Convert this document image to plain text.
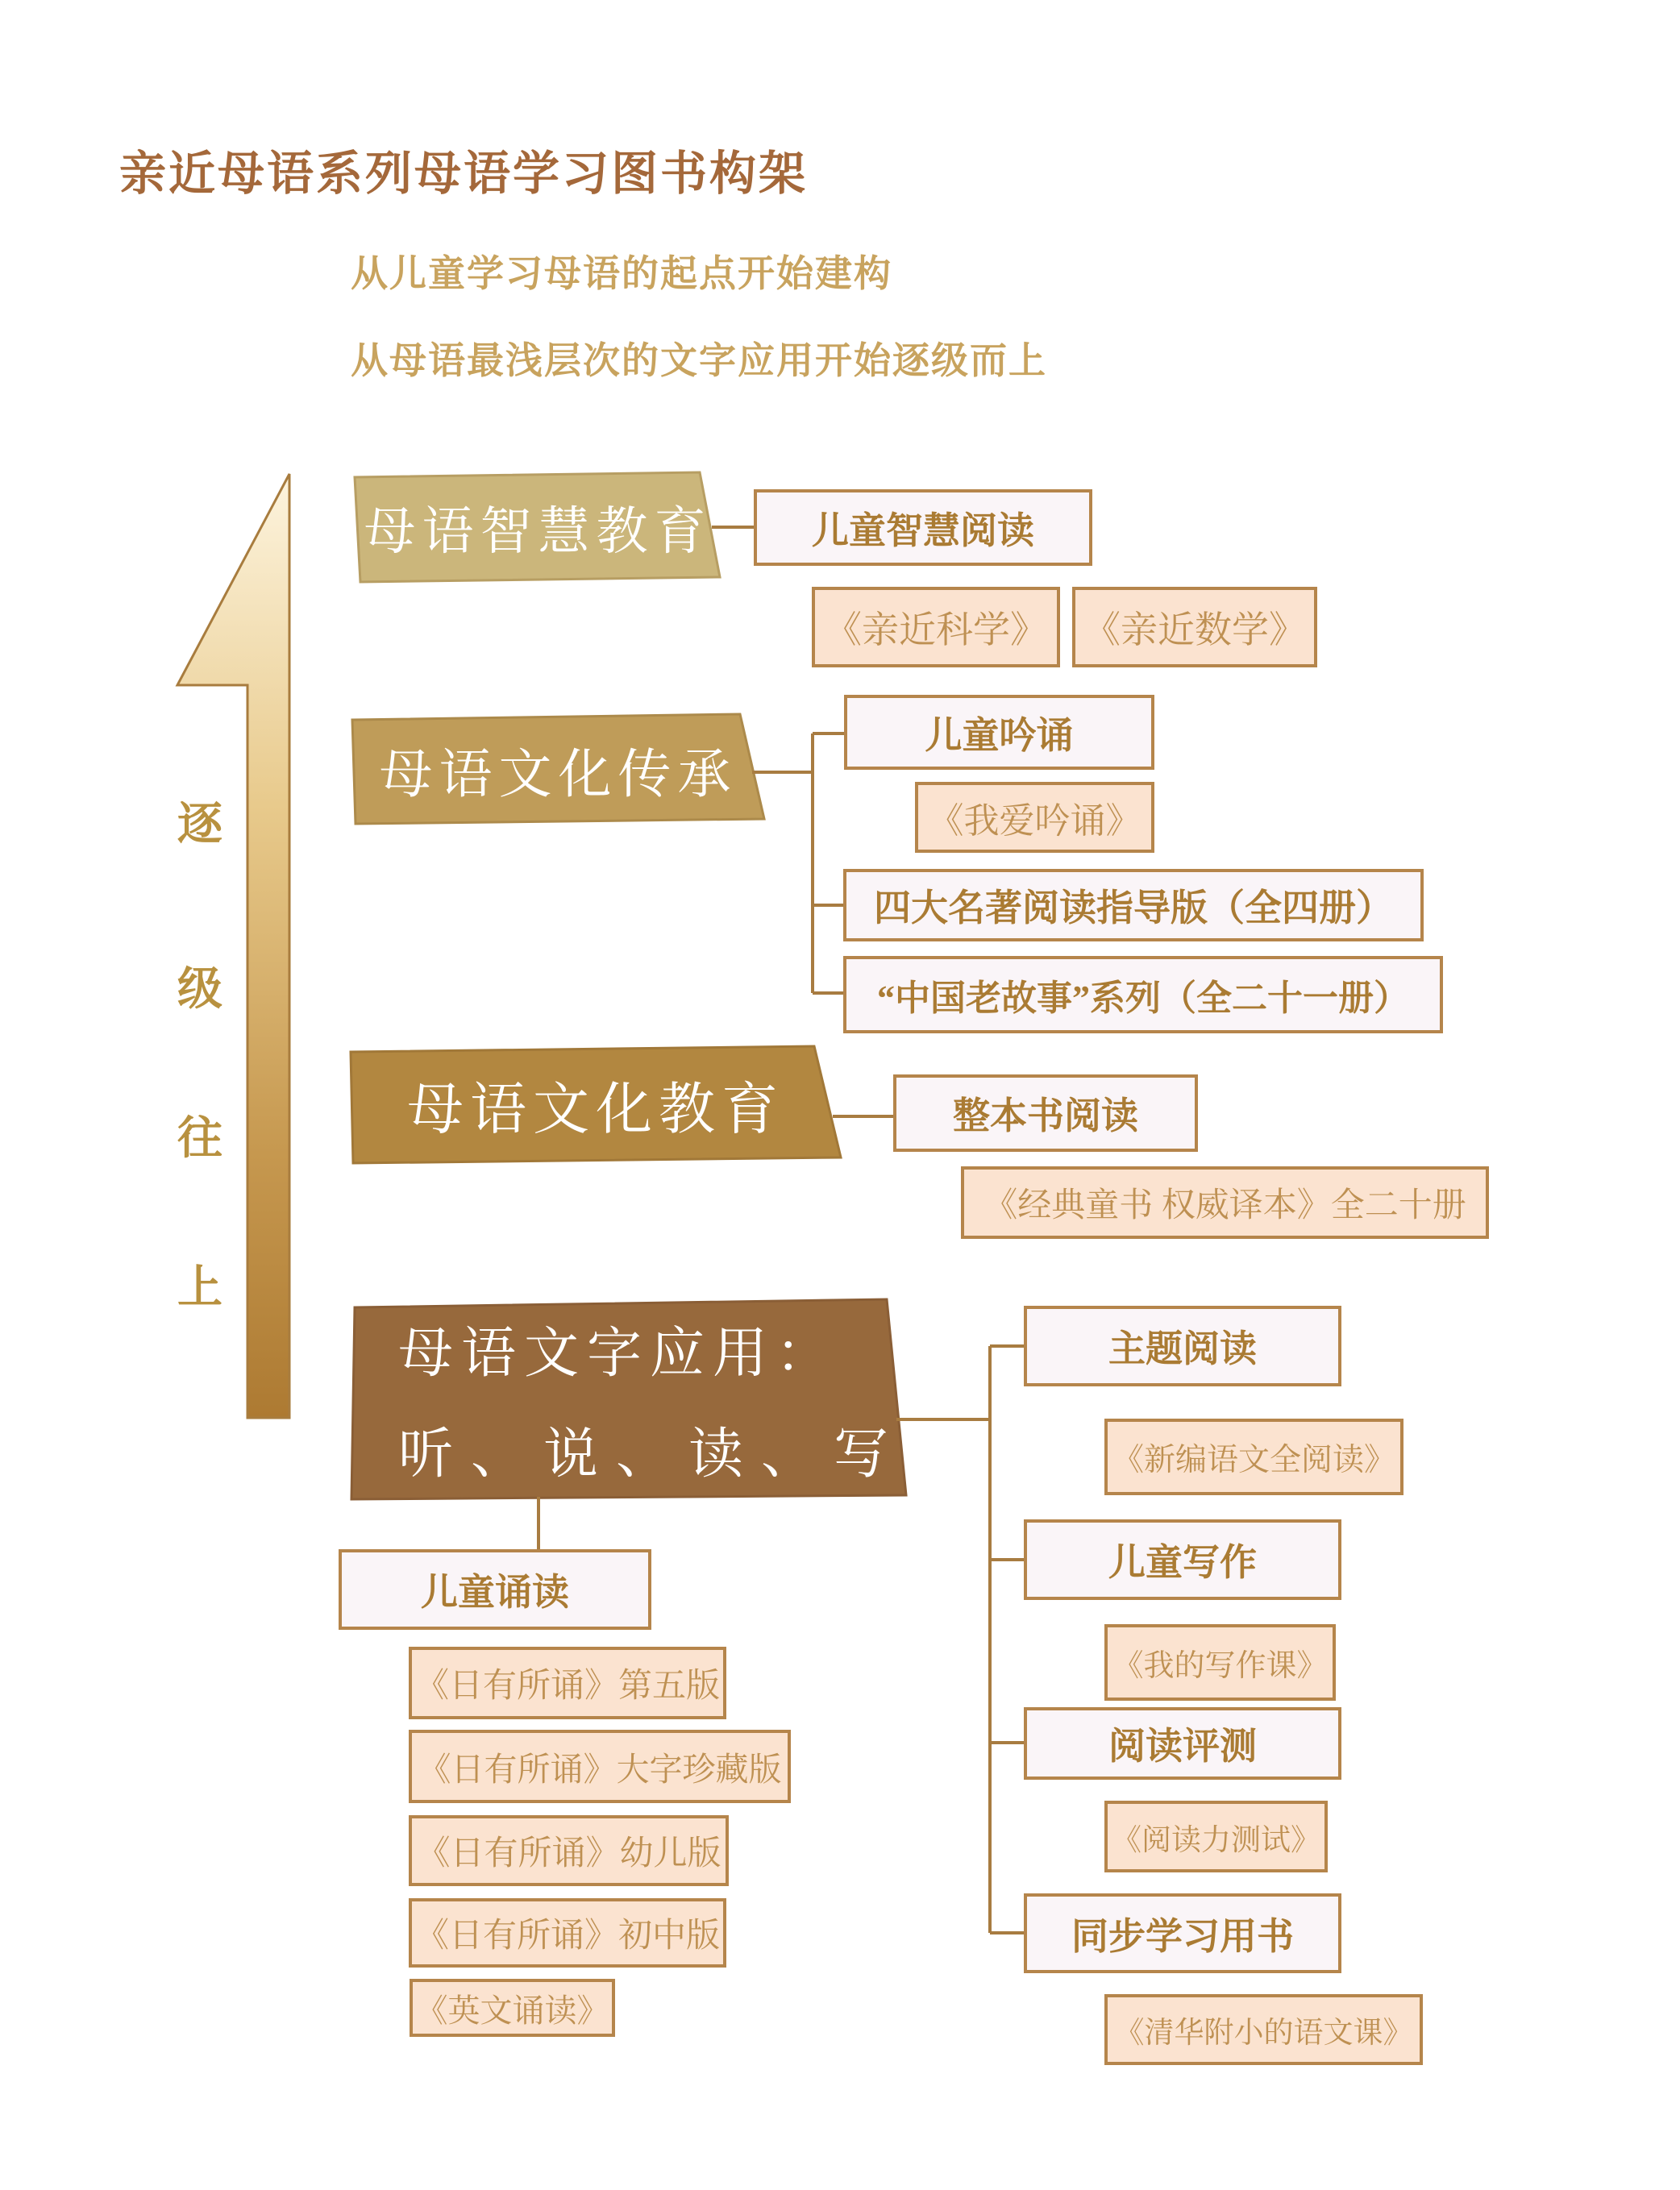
亲近母语系列母语学习图书构架
从儿童学习母语的起点开始建构
从母语最浅层次的文字应用开始逐级而上
逐
级
往
上
母语智慧教育
母语文化传承
母语文化教育
母语文字应用：
听、说、读、写
儿童智慧阅读
《亲近科学》 《亲近数学》
儿童吟诵
《我爱吟诵》
四大名著阅读指导版（全四册）
“中国老故事”系列（全二十一册）
整本书阅读
《经典童书 权威译本》全二十册
主题阅读
《新编语文全阅读》
儿童写作
《我的写作课》
阅读评测
《阅读力测试》
同步学习用书
《清华附小的语文课》
儿童诵读
《日有所诵》第五版
《日有所诵》大字珍藏版
《日有所诵》幼儿版
《日有所诵》初中版
《英文诵读》
